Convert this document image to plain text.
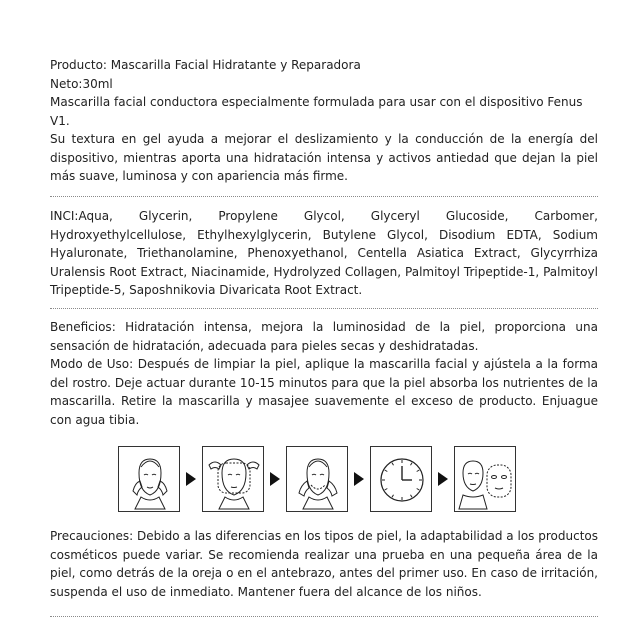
Producto: Mascarilla Facial Hidratante y Reparadora

Neto:30ml

Mascarilla facial conductora especialmente formulada para usar con el dispositivo Fenus V1.

Su textura en gel ayuda a mejorar el deslizamiento y la conducción de la energía del dispositivo, mientras aporta una hidratación intensa y activos antiedad que dejan la piel más suave, luminosa y con apariencia más firme.

INCI:Aqua, Glycerin, Propylene Glycol, Glyceryl Glucoside, Carbomer, Hydroxyethylcellulose, Ethylhexylglycerin, Butylene Glycol, Disodium EDTA, Sodium Hyaluronate, Triethanolamine, Phenoxyethanol, Centella Asiatica Extract, Glycyrrhiza Uralensis Root Extract, Niacinamide, Hydrolyzed Collagen, Palmitoyl Tripeptide-1, Palmitoyl Tripeptide-5, Saposhnikovia Divaricata Root Extract.

Beneficios: Hidratación intensa, mejora la luminosidad de la piel, proporciona una sensación de hidratación, adecuada para pieles secas y deshidratadas.

Modo de Uso: Después de limpiar la piel, aplique la mascarilla facial y ajústela a la forma del rostro. Deje actuar durante 10-15 minutos para que la piel absorba los nutrientes de la mascarilla. Retire la mascarilla y masajee suavemente el exceso de producto. Enjuague con agua tibia.

Precauciones: Debido a las diferencias en los tipos de piel, la adaptabilidad a los productos cosméticos puede variar. Se recomienda realizar una prueba en una pequeña área de la piel, como detrás de la oreja o en el antebrazo, antes del primer uso. En caso de irritación, suspenda el uso de inmediato. Mantener fuera del alcance de los niños.
